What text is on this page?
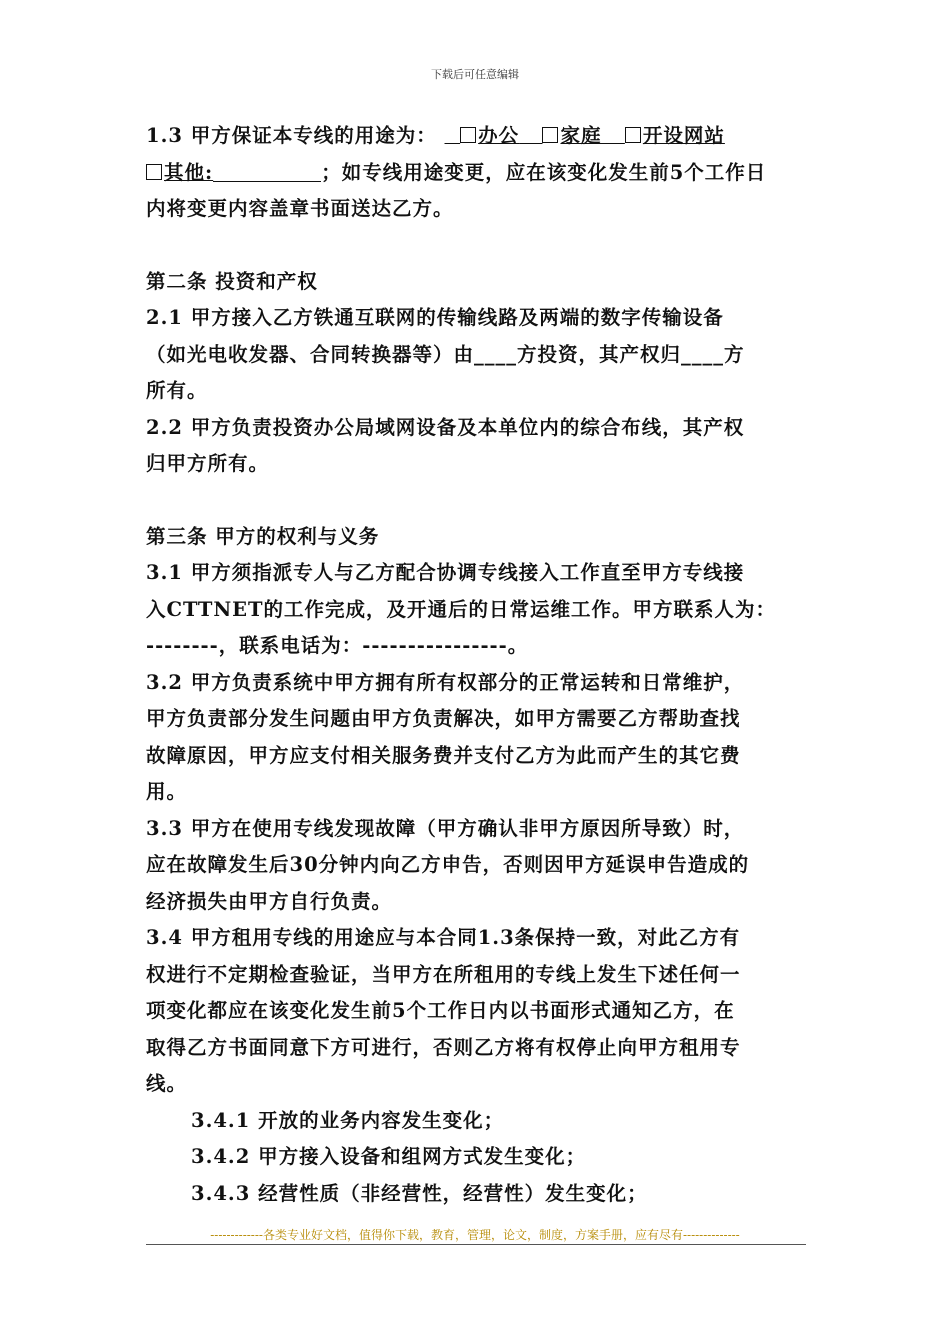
下载后可任意编辑
1.3 甲方保证本专线的用途为： 办公 家庭 开设网站
其他:	；如专线用途变更，应在该变化发生前5个工作日
内将变更内容盖章书面送达乙方。
第二条 投资和产权
2.1 甲方接入乙方铁通互联网的传输线路及两端的数字传输设备
（如光电收发器、合同转换器等）由____方投资，其产权归____方
所有。
2.2 甲方负责投资办公局域网设备及本单位内的综合布线，其产权
归甲方所有。
第三条 甲方的权利与义务
3.1 甲方须指派专人与乙方配合协调专线接入工作直至甲方专线接
入CTTNET的工作完成，及开通后的日常运维工作。甲方联系人为：
--------，联系电话为：----------------。
3.2 甲方负责系统中甲方拥有所有权部分的正常运转和日常维护，
甲方负责部分发生问题由甲方负责解决，如甲方需要乙方帮助查找
故障原因，甲方应支付相关服务费并支付乙方为此而产生的其它费
用。
3.3 甲方在使用专线发现故障（甲方确认非甲方原因所导致）时，
应在故障发生后30分钟内向乙方申告，否则因甲方延误申告造成的
经济损失由甲方自行负责。
3.4 甲方租用专线的用途应与本合同1.3条保持一致，对此乙方有
权进行不定期检查验证，当甲方在所租用的专线上发生下述任何一
项变化都应在该变化发生前5个工作日内以书面形式通知乙方，在
取得乙方书面同意下方可进行，否则乙方将有权停止向甲方租用专
线。
3.4.1 开放的业务内容发生变化；
3.4.2 甲方接入设备和组网方式发生变化；
3.4.3 经营性质（非经营性，经营性）发生变化；
-------------各类专业好文档，值得你下载，教育，管理，论文，制度，方案手册，应有尽有--------------
